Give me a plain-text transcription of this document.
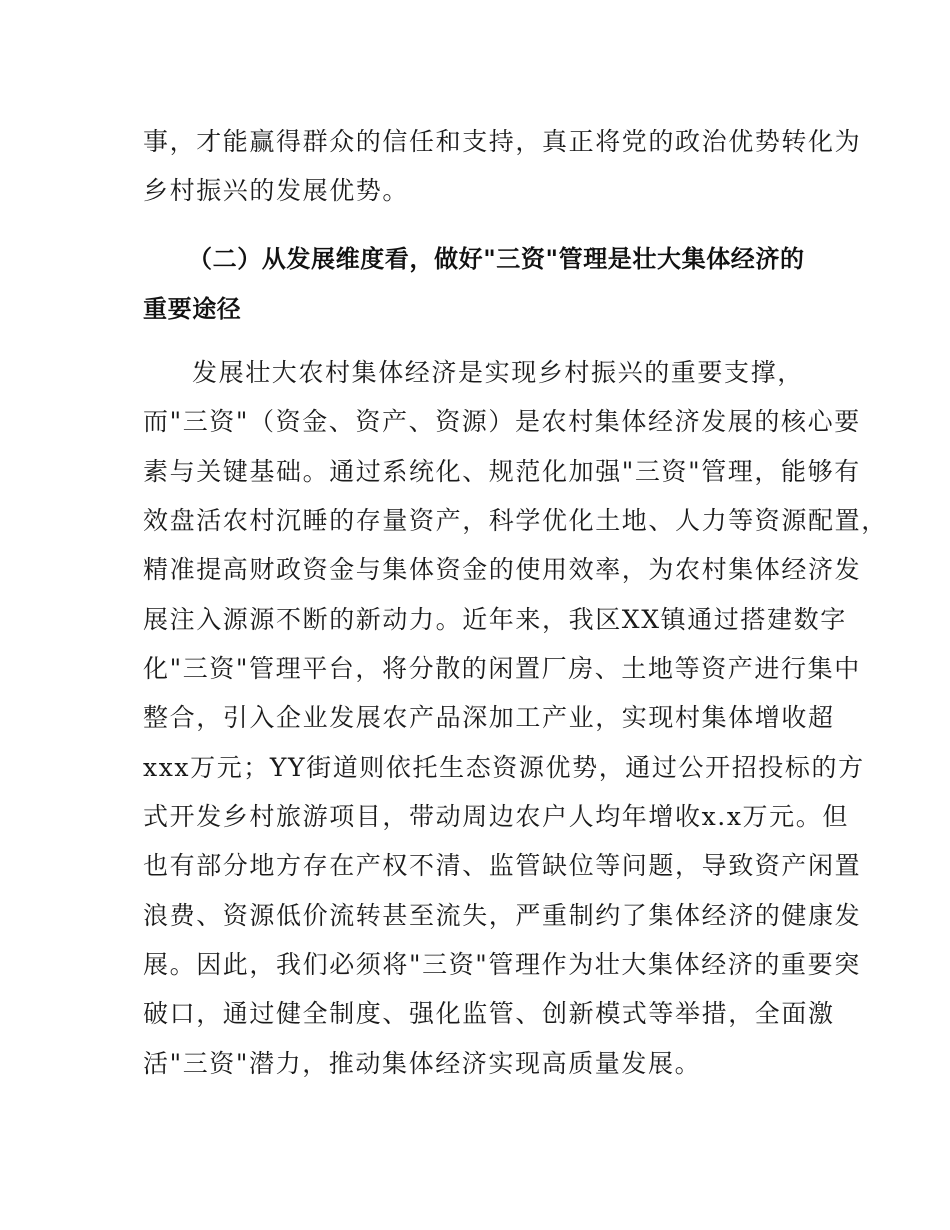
事，才能赢得群众的信任和支持，真正将党的政治优势转化为
乡村振兴的发展优势。
（二）从发展维度看，做好"三资"管理是壮大集体经济的
重要途径
发展壮大农村集体经济是实现乡村振兴的重要支撑，
而"三资"（资金、资产、资源）是农村集体经济发展的核心要
素与关键基础。通过系统化、规范化加强"三资"管理，能够有
效盘活农村沉睡的存量资产，科学优化土地、人力等资源配置，
精准提高财政资金与集体资金的使用效率，为农村集体经济发
展注入源源不断的新动力。近年来，我区XX镇通过搭建数字
化"三资"管理平台，将分散的闲置厂房、土地等资产进行集中
整合，引入企业发展农产品深加工产业，实现村集体增收超
xxx万元；YY街道则依托生态资源优势，通过公开招投标的方
式开发乡村旅游项目，带动周边农户人均年增收x.x万元。但
也有部分地方存在产权不清、监管缺位等问题，导致资产闲置
浪费、资源低价流转甚至流失，严重制约了集体经济的健康发
展。因此，我们必须将"三资"管理作为壮大集体经济的重要突
破口，通过健全制度、强化监管、创新模式等举措，全面激
活"三资"潜力，推动集体经济实现高质量发展。
